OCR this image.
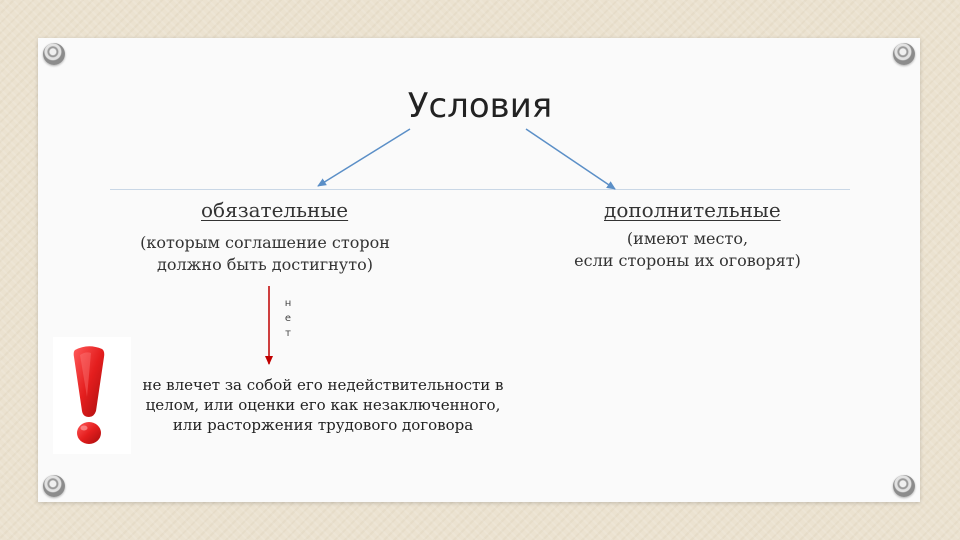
Условия
обязательные	дополнительные
(которым соглашение сторон
должно быть достигнуто)
(имеют место,
если стороны их оговорят)
н
е
т
не влечет за собой его недействительности в
целом, или оценки его как незаключенного,
или расторжения трудового договора
